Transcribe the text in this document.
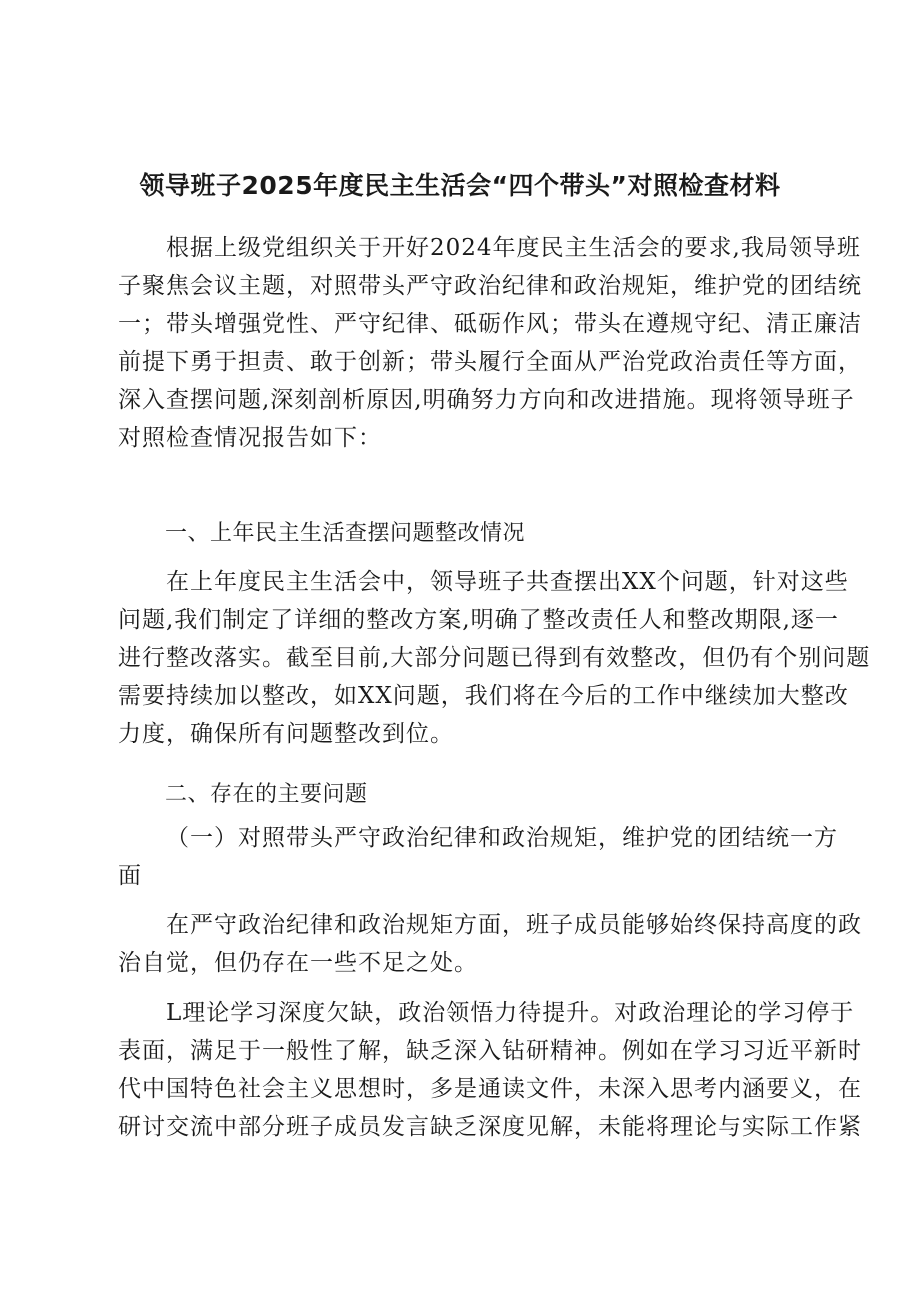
领导班子2025年度民主生活会“四个带头”对照检查材料
根据上级党组织关于开好2024年度民主生活会的要求,我局领导班
子聚焦会议主题，对照带头严守政治纪律和政治规矩，维护党的团结统
一；带头增强党性、严守纪律、砥砺作风；带头在遵规守纪、清正廉洁
前提下勇于担责、敢于创新；带头履行全面从严治党政治责任等方面，
深入查摆问题,深刻剖析原因,明确努力方向和改进措施。现将领导班子
对照检查情况报告如下：
一、上年民主生活查摆问题整改情况
在上年度民主生活会中，领导班子共查摆出XX个问题，针对这些
问题,我们制定了详细的整改方案,明确了整改责任人和整改期限,逐一
进行整改落实。截至目前,大部分问题已得到有效整改，但仍有个别问题
需要持续加以整改，如XX问题，我们将在今后的工作中继续加大整改
力度，确保所有问题整改到位。
二、存在的主要问题
（一）对照带头严守政治纪律和政治规矩，维护党的团结统一方
面
在严守政治纪律和政治规矩方面，班子成员能够始终保持高度的政
治自觉，但仍存在一些不足之处。
L理论学习深度欠缺，政治领悟力待提升。对政治理论的学习停于
表面，满足于一般性了解，缺乏深入钻研精神。例如在学习习近平新时
代中国特色社会主义思想时，多是通读文件，未深入思考内涵要义，在
研讨交流中部分班子成员发言缺乏深度见解，未能将理论与实际工作紧
